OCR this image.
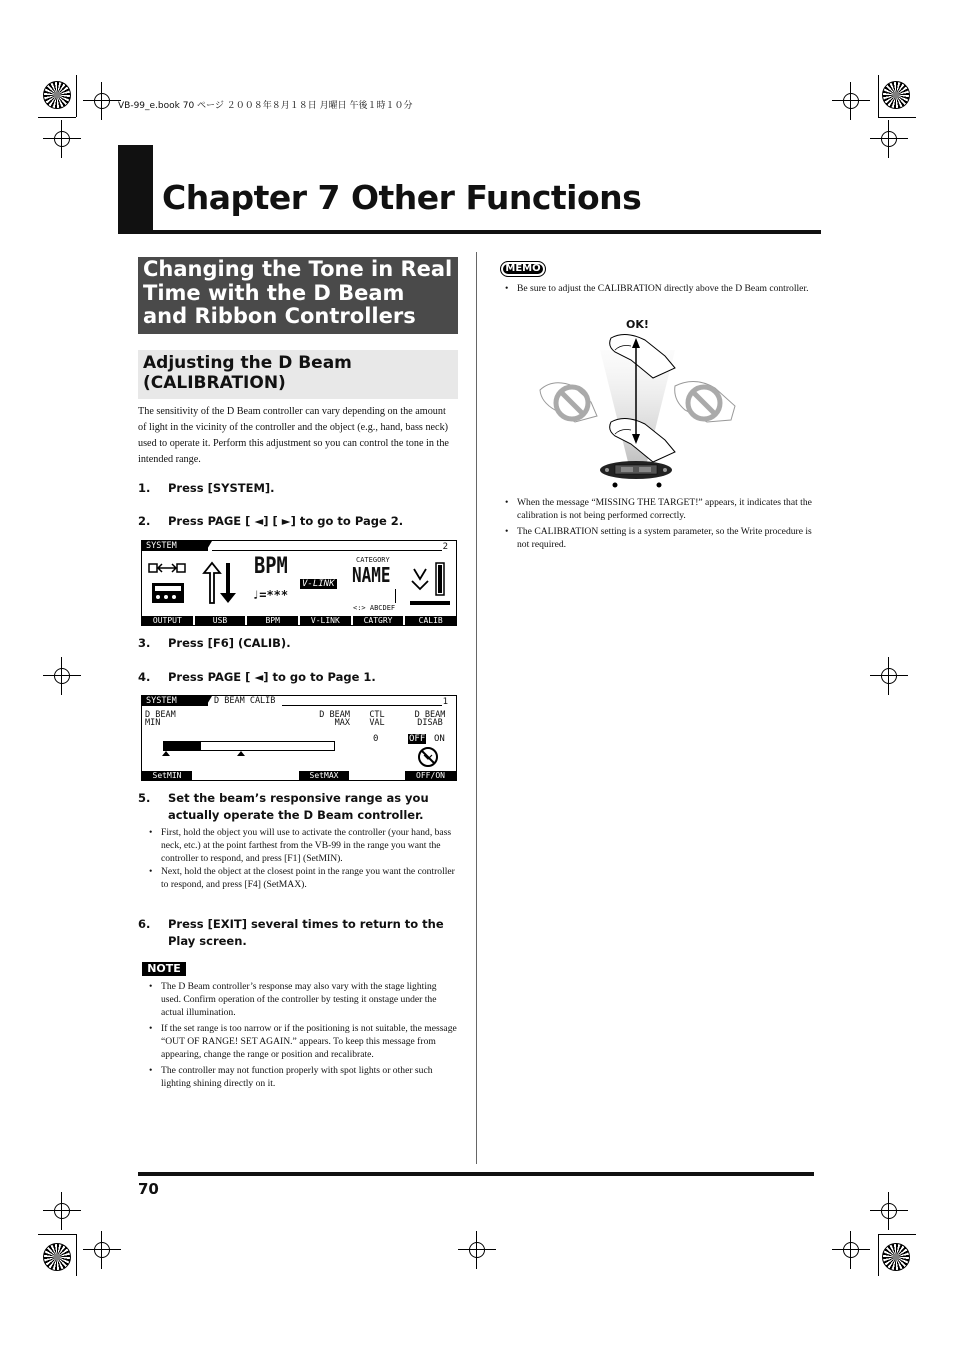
VB-99_e.book 70 ページ ２００８年８月１８日 月曜日 午後１時１０分
Chapter 7 Other Functions
Changing the Tone in Real Time with the D Beam and Ribbon Controllers
Adjusting the D Beam (CALIBRATION)
The sensitivity of the D Beam controller can vary depending on the amount of light in the vicinity of the controller and the object (e.g., hand, bass neck) used to operate it. Perform this adjustment so you can control the tone in the intended range.
1. Press [SYSTEM].
2. Press PAGE [ ◄] [ ►] to go to Page 2.
SYSTEM	2
BPM
♩=***
V-LINK
CATEGORY
NAME
<:> ABCDEF
OUTPUT	USB	BPM	V-LINK	CATGRY	CALIB
3. Press [F6] (CALIB).
4. Press PAGE [ ◄] to go to Page 1.
SYSTEM	D BEAM CALIB	1
D BEAM MIN
D BEAM MAX
CTL VAL
0
D BEAM DISAB
OFF ON
SetMIN	SetMAX	OFF/ON
5. Set the beam’s responsive range as you actually operate the D Beam controller.
• First, hold the object you will use to activate the controller (your hand, bass neck, etc.) at the point farthest from the VB-99 in the range you want the controller to respond, and press [F1] (SetMIN).
• Next, hold the object at the closest point in the range you want the controller to respond, and press [F4] (SetMAX).
6. Press [EXIT] several times to return to the Play screen.
NOTE
• The D Beam controller’s response may also vary with the stage lighting used. Confirm operation of the controller by testing it onstage under the actual illumination.
• If the set range is too narrow or if the positioning is not suitable, the message “OUT OF RANGE! SET AGAIN.” appears. To keep this message from appearing, change the range or position and recalibrate.
• The controller may not function properly with spot lights or other such lighting shining directly on it.
MEMO
• Be sure to adjust the CALIBRATION directly above the D Beam controller.
OK!
• When the message “MISSING THE TARGET!” appears, it indicates that the calibration is not being performed correctly.
• The CALIBRATION setting is a system parameter, so the Write procedure is not required.
70
